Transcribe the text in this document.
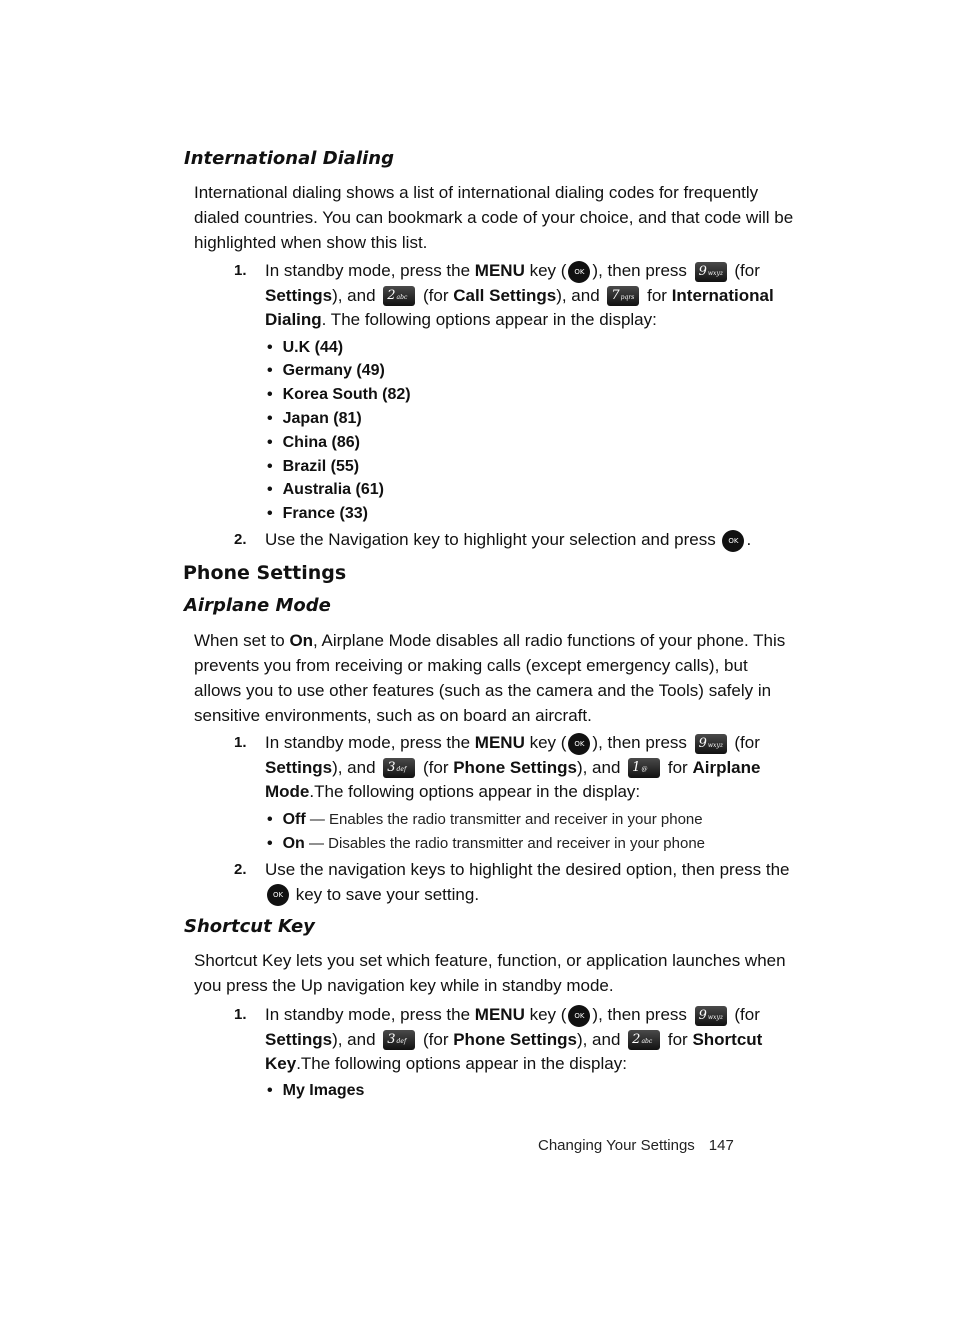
International Dialing

International dialing shows a list of international dialing codes for frequently dialed countries. You can bookmark a code of your choice, and that code will be highlighted when show this list.

1. In standby mode, press the MENU key ( OK ), then press 9wxyz (for Settings), and 2abc (for Call Settings), and 7pqrs for International Dialing. The following options appear in the display:
• U.K (44)
• Germany (49)
• Korea South (82)
• Japan (81)
• China (86)
• Brazil (55)
• Australia (61)
• France (33)
2. Use the Navigation key to highlight your selection and press OK .
Phone Settings
Airplane Mode

When set to On, Airplane Mode disables all radio functions of your phone. This prevents you from receiving or making calls (except emergency calls), but allows you to use other features (such as the camera and the Tools) safely in sensitive environments, such as on board an aircraft.

1. In standby mode, press the MENU key ( OK ), then press 9wxyz (for Settings), and 3def (for Phone Settings), and 1@ for Airplane Mode.The following options appear in the display:
• Off — Enables the radio transmitter and receiver in your phone
• On — Disables the radio transmitter and receiver in your phone
2. Use the navigation keys to highlight the desired option, then press the OK key to save your setting.
Shortcut Key

Shortcut Key lets you set which feature, function, or application launches when you press the Up navigation key while in standby mode.

1. In standby mode, press the MENU key ( OK ), then press 9wxyz (for Settings), and 3def (for Phone Settings), and 2abc for Shortcut Key.The following options appear in the display:
• My Images
Changing Your Settings 147
